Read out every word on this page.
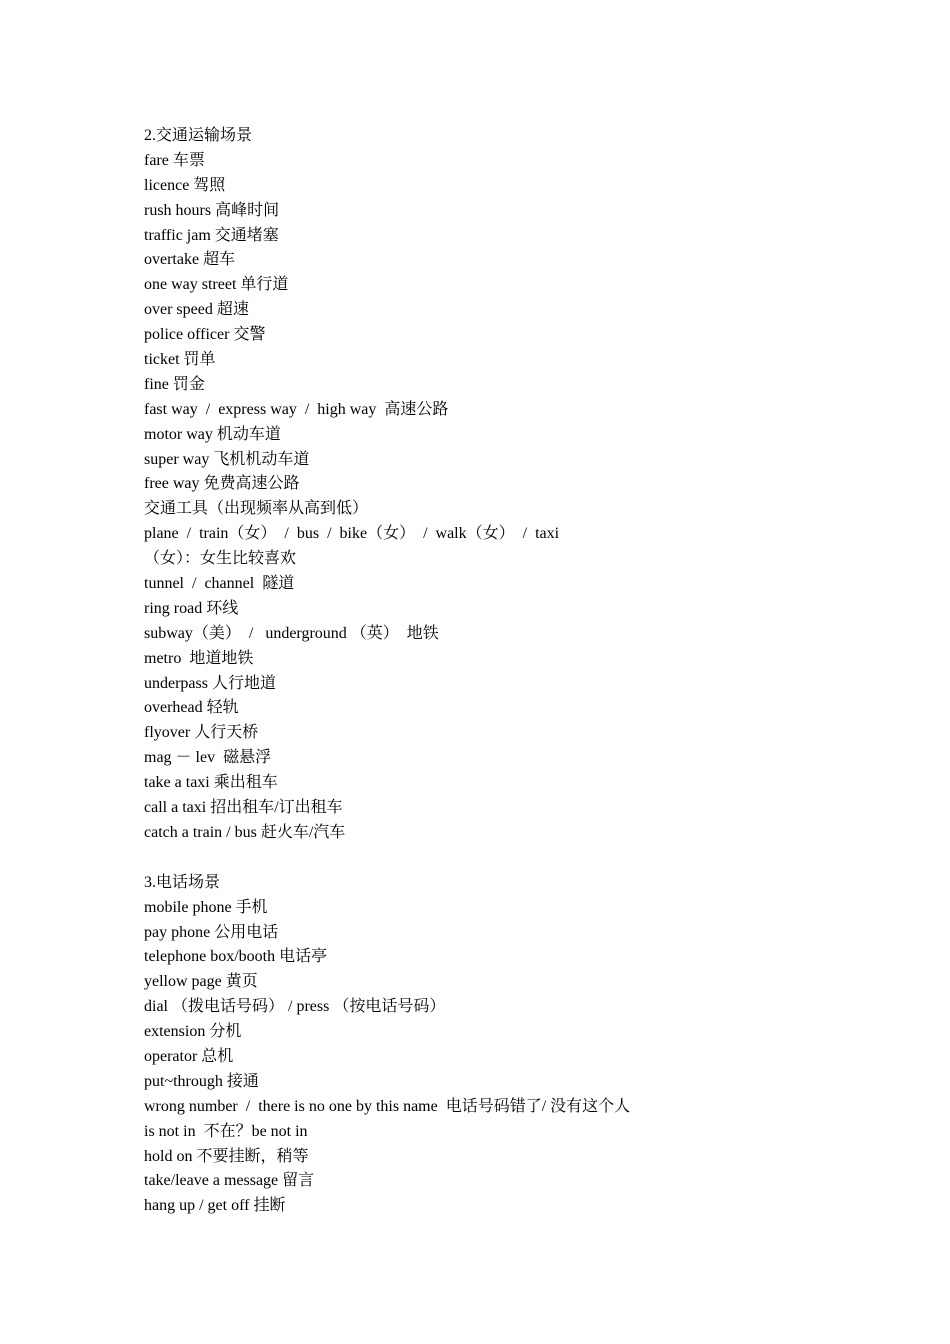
2.交通运输场景
fare 车票
licence 驾照
rush hours 高峰时间
traffic jam 交通堵塞
overtake 超车
one way street 单行道
over speed 超速
police officer 交警
ticket 罚单
fine 罚金
fast way  /  express way  /  high way  高速公路
motor way 机动车道
super way 飞机机动车道
free way 免费高速公路
交通工具（出现频率从高到低）
plane  /  train（女）  /  bus  /  bike（女）  /  walk（女）  /  taxi
（女）：女生比较喜欢
tunnel  /  channel  隧道
ring road 环线
subway（美）  /   underground （英）  地铁
metro  地道地铁
underpass 人行地道
overhead 轻轨
flyover 人行天桥
mag － lev  磁悬浮
take a taxi 乘出租车
call a taxi 招出租车/订出租车
catch a train / bus 赶火车/汽车
3.电话场景
mobile phone 手机
pay phone 公用电话
telephone box/booth 电话亭
yellow page 黄页
dial （拨电话号码） / press （按电话号码）
extension 分机
operator 总机
put~through 接通
wrong number  /  there is no one by this name  电话号码错了/ 没有这个人
is not in  不在？be not in
hold on 不要挂断，稍等
take/leave a message 留言
hang up / get off 挂断
